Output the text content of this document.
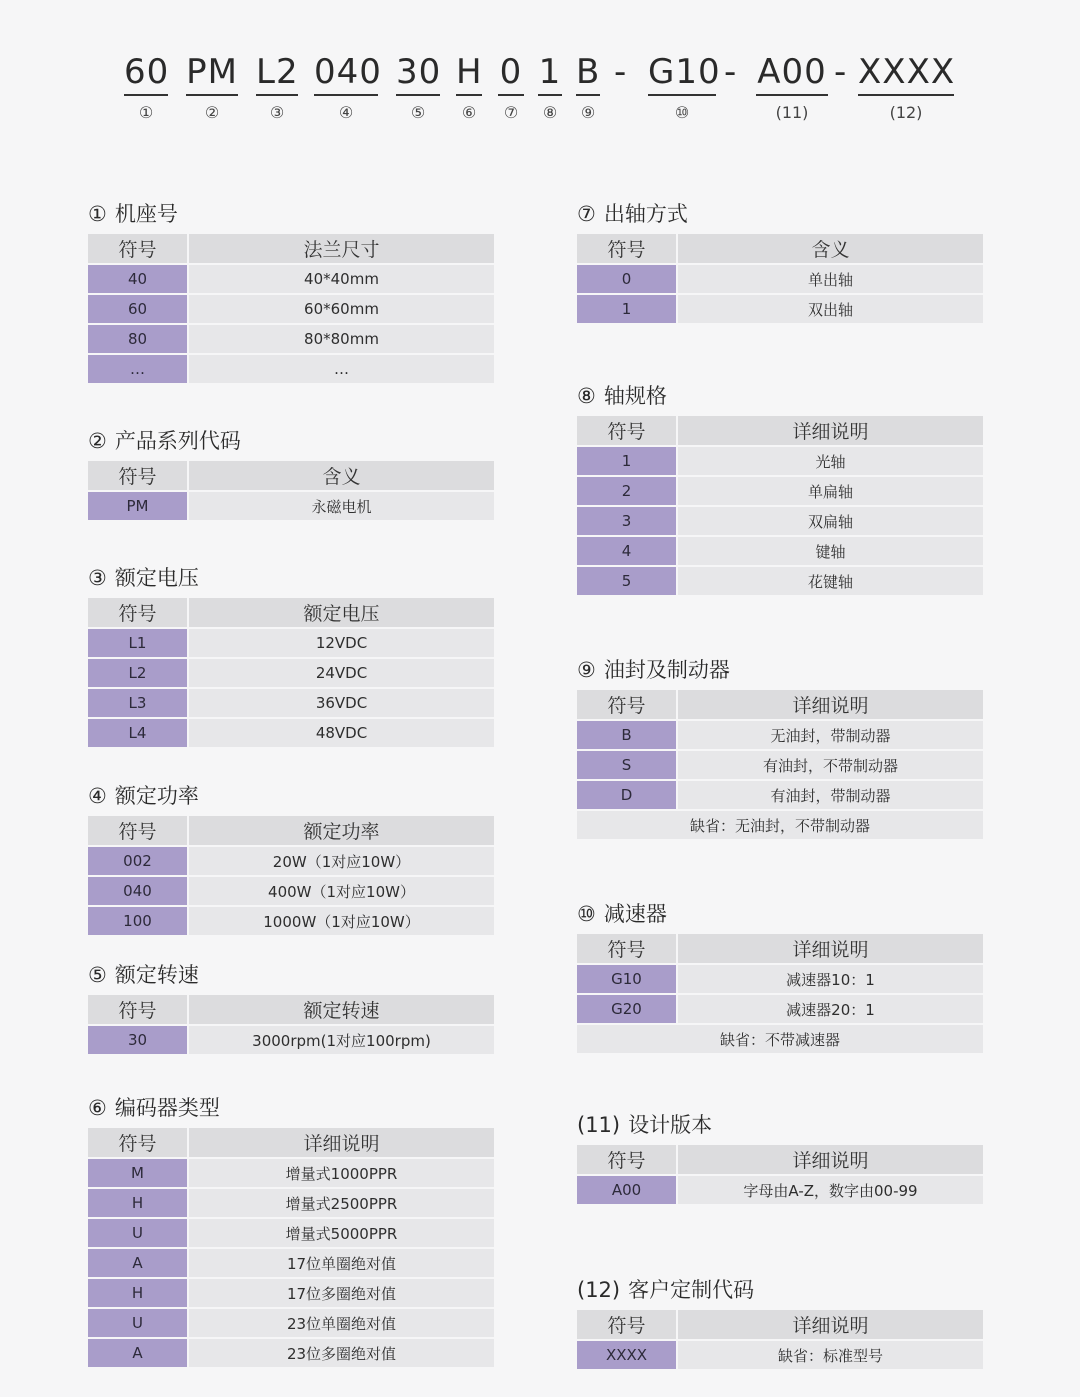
60
①
PM
②
L2
③
040
④
30
⑤
H
⑥
0
⑦
1
⑧
B
⑨
- G10
⑩
- A00
(11)
- XXXX
(12)
① 机座号
符号	法兰尺寸
40	40*40mm
60	60*60mm
80	80*80mm
…	…
② 产品系列代码
符号	含义
PM	永磁电机
③ 额定电压
符号	额定电压
L1	12VDC
L2	24VDC
L3	36VDC
L4	48VDC
④ 额定功率
符号	额定功率
002	20W（1对应10W）
040	400W（1对应10W）
100	1000W（1对应10W）
⑤ 额定转速
符号	额定转速
30	3000rpm(1对应100rpm)
⑥ 编码器类型
符号	详细说明
M	增量式1000PPR
H	增量式2500PPR
U	增量式5000PPR
A	17位单圈绝对值
H	17位多圈绝对值
U	23位单圈绝对值
A	23位多圈绝对值
⑦ 出轴方式
符号	含义
0	单出轴
1	双出轴
⑧ 轴规格
符号	详细说明
1	光轴
2	单扁轴
3	双扁轴
4	键轴
5	花键轴
⑨ 油封及制动器
符号	详细说明
B	无油封，带制动器
S	有油封，不带制动器
D	有油封，带制动器
缺省：无油封，不带制动器
⑩ 减速器
符号	详细说明
G10	减速器10：1
G20	减速器20：1
缺省：不带减速器
(11) 设计版本
符号	详细说明
A00	字母由A-Z，数字由00-99
(12) 客户定制代码
符号	详细说明
XXXX	缺省：标准型号
